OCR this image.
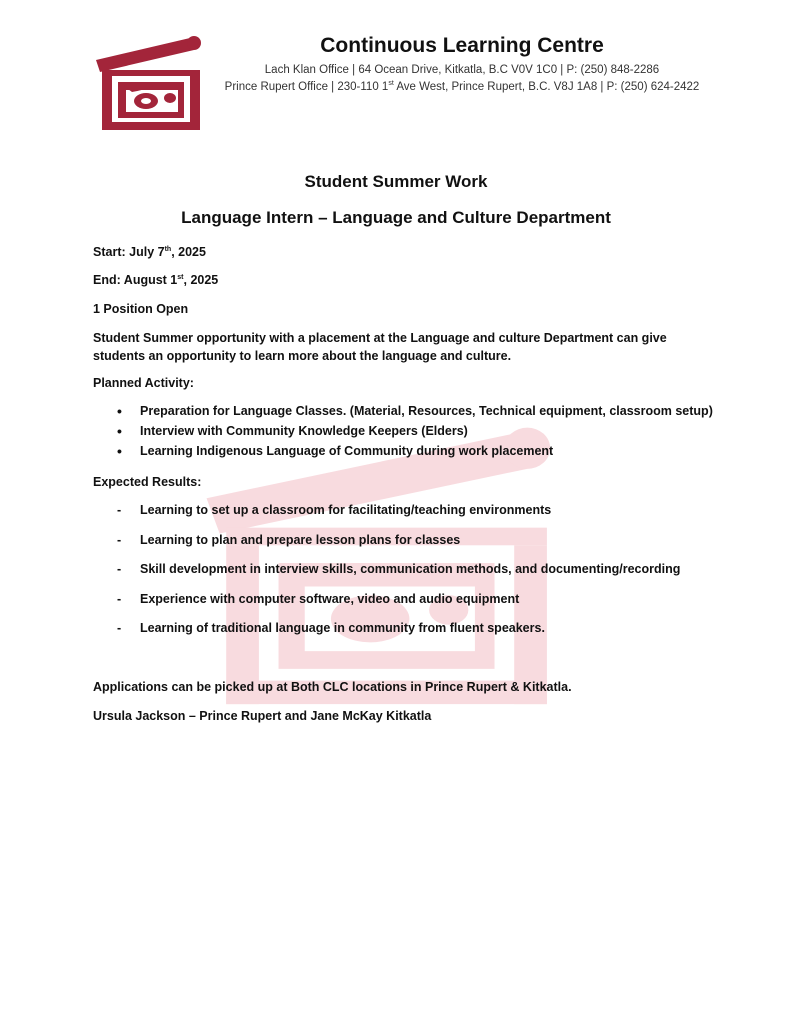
Continuous Learning Centre
Lach Klan Office | 64 Ocean Drive, Kitkatla, B.C V0V 1C0 | P: (250) 848-2286
Prince Rupert Office | 230-110 1st Ave West, Prince Rupert, B.C. V8J 1A8 | P: (250) 624-2422
Student Summer Work
Language Intern – Language and Culture Department
Start: July 7th, 2025
End: August 1st, 2025
1 Position Open
Student Summer opportunity with a placement at the Language and culture Department can give students an opportunity to learn more about the language and culture.
Planned Activity:
• Preparation for Language Classes. (Material, Resources, Technical equipment, classroom setup)
• Interview with Community Knowledge Keepers (Elders)
• Learning Indigenous Language of Community during work placement
Expected Results:
- Learning to set up a classroom for facilitating/teaching environments
- Learning to plan and prepare lesson plans for classes
- Skill development in interview skills, communication methods, and documenting/recording
- Experience with computer software, video and audio equipment
- Learning of traditional language in community from fluent speakers.
Applications can be picked up at Both CLC locations in Prince Rupert & Kitkatla.
Ursula Jackson – Prince Rupert and Jane McKay Kitkatla
